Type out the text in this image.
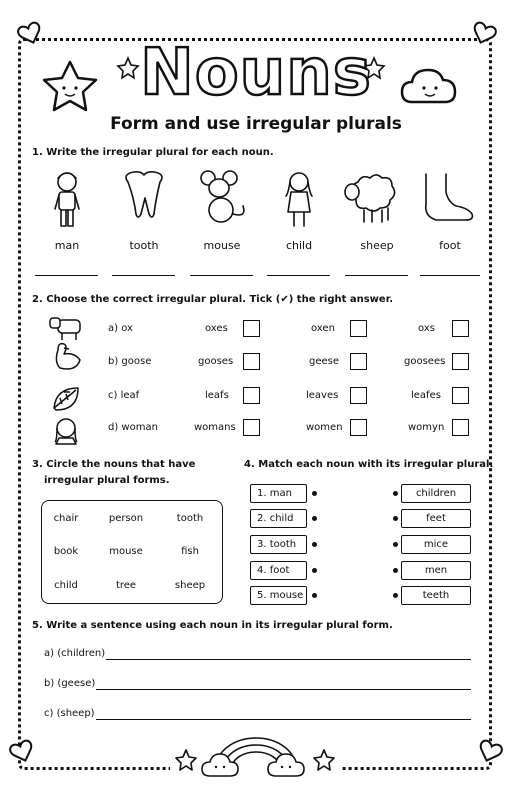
Nouns
Form and use irregular plurals
1. Write the irregular plural for each noun.
man	tooth	mouse	child	sheep	foot
2. Choose the correct irregular plural. Tick (✔) the right answer.
a) ox	oxes	oxen	oxs
b) goose	gooses	geese	goosees
c) leaf	leafs	leaves	leafes
d) woman	womans	women	womyn
3. Circle the nouns that have
irregular plural forms.
chair	person	tooth
book	mouse	fish
child	tree	sheep
4. Match each noun with its irregular plural.
1. man
2. child
3. tooth
4. foot
5. mouse
children
feet
mice
men
teeth
5. Write a sentence using each noun in its irregular plural form.
a) (children)
b) (geese)
c) (sheep)
